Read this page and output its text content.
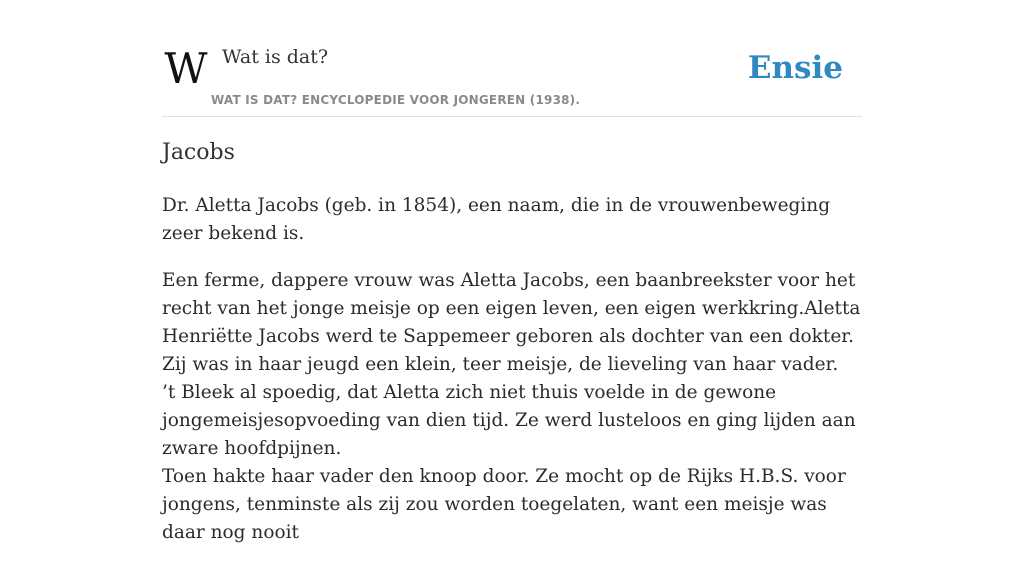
W Wat is dat?
WAT IS DAT? ENCYCLOPEDIE VOOR JONGEREN (1938).
Ensie
Jacobs

Dr. Aletta Jacobs (geb. in 1854), een naam, die in de vrouwenbeweging zeer bekend is.

Een ferme, dappere vrouw was Aletta Jacobs, een baanbreekster voor het recht van het jonge meisje op een eigen leven, een eigen werkkring.Aletta Henriëtte Jacobs werd te Sappemeer geboren als dochter van een dokter. Zij was in haar jeugd een klein, teer meisje, de lieveling van haar vader.
’t Bleek al spoedig, dat Aletta zich niet thuis voelde in de gewone jongemeisjesopvoeding van dien tijd. Ze werd lusteloos en ging lijden aan zware hoofdpijnen.
Toen hakte haar vader den knoop door. Ze mocht op de Rijks H.B.S. voor jongens, tenminste als zij zou worden toegelaten, want een meisje was daar nog nooit
